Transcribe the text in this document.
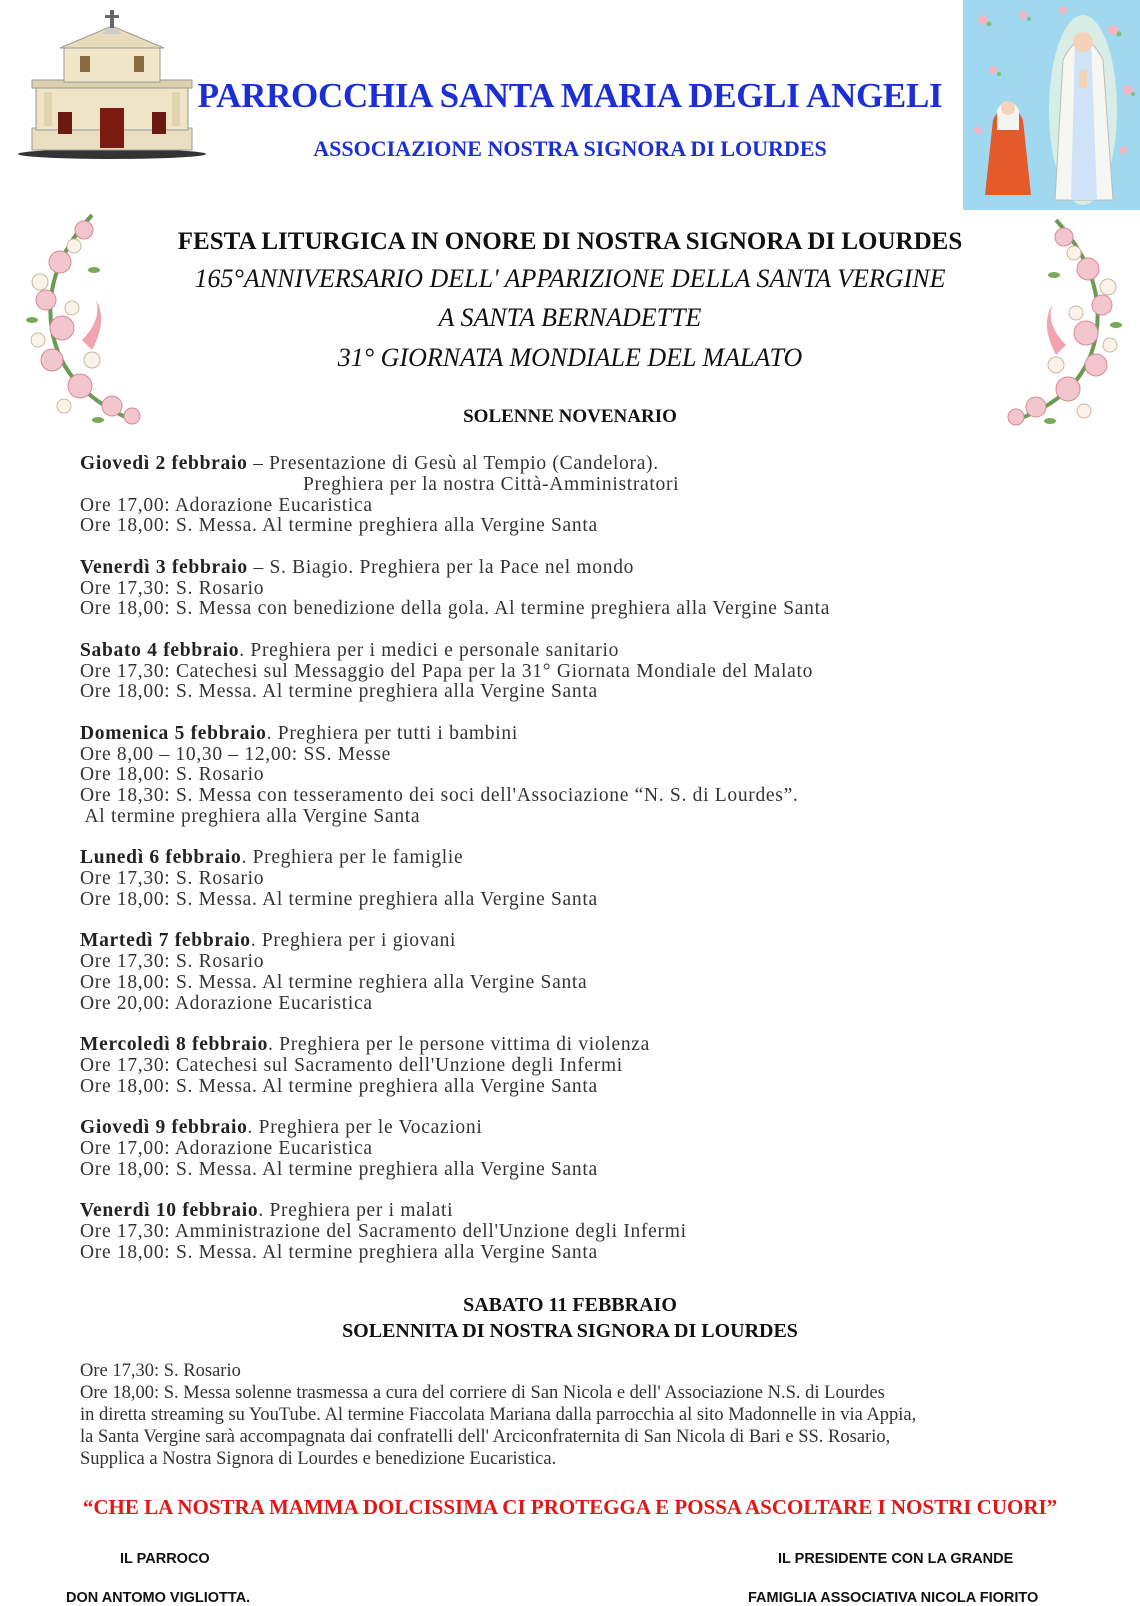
PARROCCHIA SANTA MARIA DEGLI ANGELI
ASSOCIAZIONE NOSTRA SIGNORA DI LOURDES
FESTA LITURGICA IN ONORE DI NOSTRA SIGNORA DI LOURDES
165°ANNIVERSARIO DELL' APPARIZIONE DELLA SANTA VERGINE
A SANTA BERNADETTE
31° GIORNATA MONDIALE DEL MALATO
SOLENNE NOVENARIO
Giovedì 2 febbraio – Presentazione di Gesù al Tempio (Candelora).
Preghiera per la nostra Città-Amministratori
Ore 17,00: Adorazione Eucaristica
Ore 18,00: S. Messa. Al termine preghiera alla Vergine Santa
Venerdì 3 febbraio – S. Biagio. Preghiera per la Pace nel mondo
Ore 17,30: S. Rosario
Ore 18,00: S. Messa con benedizione della gola. Al termine preghiera alla Vergine Santa
Sabato 4 febbraio. Preghiera per i medici e personale sanitario
Ore 17,30: Catechesi sul Messaggio del Papa per la 31° Giornata Mondiale del Malato
Ore 18,00: S. Messa. Al termine preghiera alla Vergine Santa
Domenica 5 febbraio. Preghiera per tutti i bambini
Ore 8,00 – 10,30 – 12,00: SS. Messe
Ore 18,00: S. Rosario
Ore 18,30: S. Messa con tesseramento dei soci dell'Associazione “N. S. di Lourdes”.
Al termine preghiera alla Vergine Santa
Lunedì 6 febbraio. Preghiera per le famiglie
Ore 17,30: S. Rosario
Ore 18,00: S. Messa. Al termine preghiera alla Vergine Santa
Martedì 7 febbraio. Preghiera per i giovani
Ore 17,30: S. Rosario
Ore 18,00: S. Messa. Al termine reghiera alla Vergine Santa
Ore 20,00: Adorazione Eucaristica
Mercoledì 8 febbraio. Preghiera per le persone vittima di violenza
Ore 17,30: Catechesi sul Sacramento dell'Unzione degli Infermi
Ore 18,00: S. Messa. Al termine preghiera alla Vergine Santa
Giovedì 9 febbraio. Preghiera per le Vocazioni
Ore 17,00: Adorazione Eucaristica
Ore 18,00: S. Messa. Al termine preghiera alla Vergine Santa
Venerdì 10 febbraio. Preghiera per i malati
Ore 17,30: Amministrazione del Sacramento dell'Unzione degli Infermi
Ore 18,00: S. Messa. Al termine preghiera alla Vergine Santa
SABATO 11 FEBBRAIO
SOLENNITA DI NOSTRA SIGNORA DI LOURDES
Ore 17,30: S. Rosario
Ore 18,00: S. Messa solenne trasmessa a cura del corriere di San Nicola e dell' Associazione N.S. di Lourdes
in diretta streaming su YouTube. Al termine Fiaccolata Mariana dalla parrocchia al sito Madonnelle in via Appia,
la Santa Vergine sarà accompagnata dai confratelli dell' Arciconfraternita di San Nicola di Bari e SS. Rosario,
Supplica a Nostra Signora di Lourdes e benedizione Eucaristica.
“CHE LA NOSTRA MAMMA DOLCISSIMA CI PROTEGGA E POSSA ASCOLTARE I NOSTRI CUORI”
IL PARROCO
DON ANTOMO VIGLIOTTA.
IL PRESIDENTE CON LA GRANDE
FAMIGLIA ASSOCIATIVA NICOLA FIORITO
